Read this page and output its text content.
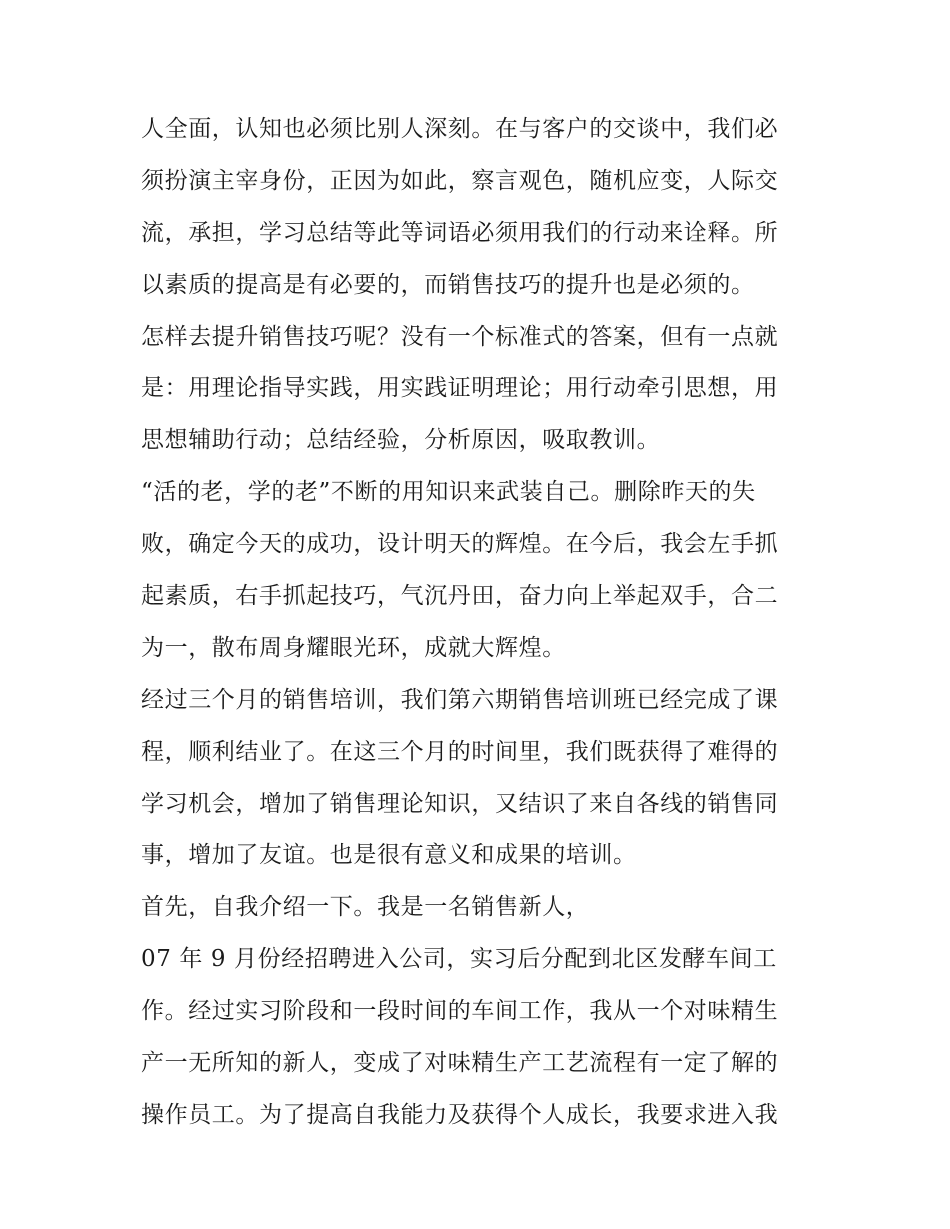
人全面，认知也必须比别人深刻。在与客户的交谈中，我们必
须扮演主宰身份，正因为如此，察言观色，随机应变，人际交
流，承担，学习总结等此等词语必须用我们的行动来诠释。所
以素质的提高是有必要的，而销售技巧的提升也是必须的。
怎样去提升销售技巧呢？没有一个标准式的答案，但有一点就
是：用理论指导实践，用实践证明理论；用行动牵引思想，用
思想辅助行动；总结经验，分析原因，吸取教训。
“活的老，学的老”不断的用知识来武装自己。删除昨天的失
败，确定今天的成功，设计明天的辉煌。在今后，我会左手抓
起素质，右手抓起技巧，气沉丹田，奋力向上举起双手，合二
为一，散布周身耀眼光环，成就大辉煌。
经过三个月的销售培训，我们第六期销售培训班已经完成了课
程，顺利结业了。在这三个月的时间里，我们既获得了难得的
学习机会，增加了销售理论知识，又结识了来自各线的销售同
事，增加了友谊。也是很有意义和成果的培训。
首先，自我介绍一下。我是一名销售新人，
07 年 9 月份经招聘进入公司，实习后分配到北区发酵车间工
作。经过实习阶段和一段时间的车间工作，我从一个对味精生
产一无所知的新人，变成了对味精生产工艺流程有一定了解的
操作员工。为了提高自我能力及获得个人成长，我要求进入我
